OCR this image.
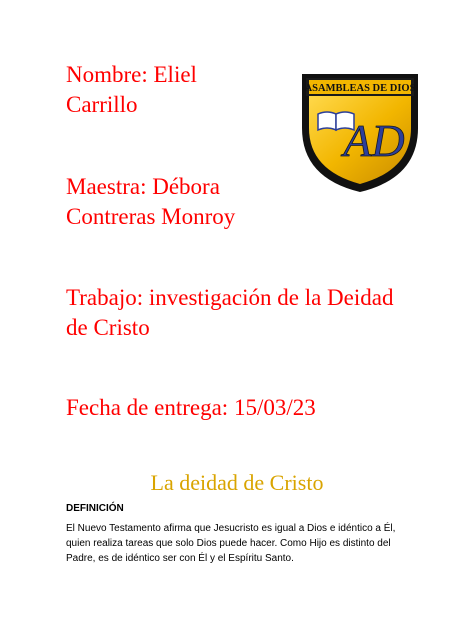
Nombre: Eliel Carrillo

Maestra: Débora Contreras Monroy

Trabajo: investigación de la Deidad de Cristo

Fecha de entrega: 15/03/23

ASAMBLEAS DE DIOS
AD
La deidad de Cristo
DEFINICIÓN

El Nuevo Testamento afirma que Jesucristo es igual a Dios e idéntico a Él, quien realiza tareas que solo Dios puede hacer. Como Hijo es distinto del Padre, es de idéntico ser con Él y el Espíritu Santo.
